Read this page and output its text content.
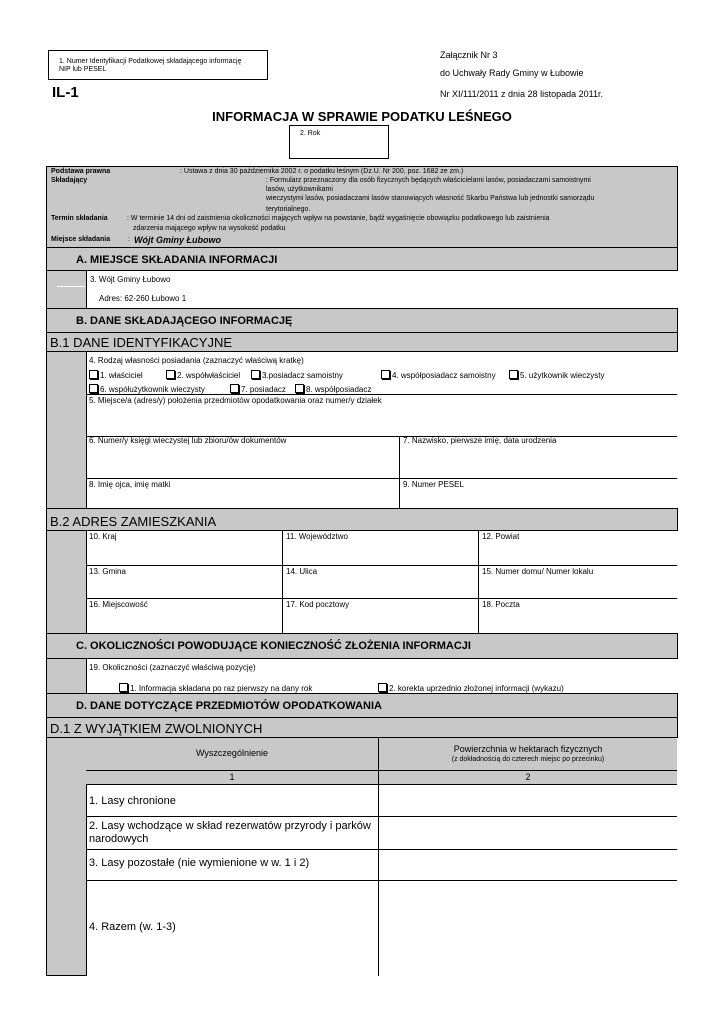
1. Numer Identyfikacji Podatkowej składającego informację
NIP lub PESEL
IL-1
Załącznik Nr 3
do Uchwały Rady Gminy w Łubowie
Nr XI/111/2011 z dnia 28 listopada 2011r.
INFORMACJA W SPRAWIE PODATKU LEŚNEGO
2. Rok
Podstawa prawna	: Ustawa z dnia 30 października 2002 r. o podatku leśnym (Dz.U. Nr 200, poz. 1682 ze zm.)
Składający	: Formularz przeznaczony dla osób fizycznych będących właścicielami lasów, posiadaczami samoistnymi
lasów, użytkownikami
wieczystymi lasów, posiadaczami lasów stanowiących własność Skarbu Państwa lub jednostki samorządu
terytorialnego.
Termin składania	: W terminie 14 dni od zaistnienia okoliczności mających wpływ na powstanie, bądź wygaśnięcie obowiązku podatkowego lub zaistnienia
zdarzenia mającego wpływ na wysokość podatku
Miejsce składania	: Wójt Gminy Łubowo
A. MIEJSCE SKŁADANIA INFORMACJI
3. Wójt Gminy Łubowo
Adres: 62-260 Łubowo 1
B. DANE SKŁADAJĄCEGO INFORMACJĘ
B.1 DANE IDENTYFIKACYJNE
4. Rodzaj własności posiadania (zaznaczyć właściwą kratkę)
1. właściciel	2. współwłaściciel	3.posiadacz samoistny	4. współposiadacz samoistny	5. użytkownik wieczysty
6. współużytkownik wieczysty	7. posiadacz	8. współposiadacz
5. Miejsce/a (adres/y) położenia przedmiotów opodatkowania oraz numer/y działek
6. Numer/y księgi wieczystej lub zbioru/ów dokumentów	7. Nazwisko, pierwsze imię, data urodzenia
8. Imię ojca, imię matki	9. Numer PESEL
B.2 ADRES ZAMIESZKANIA
10. Kraj	11. Województwo	12. Powiat
13. Gmina	14. Ulica	15. Numer domu/ Numer lokalu
16. Miejscowość	17. Kod pocztowy	18. Poczta
C. OKOLICZNOŚCI POWODUJĄCE KONIECZNOŚĆ ZŁOŻENIA INFORMACJI
19. Okoliczności (zaznaczyć właściwą pozycję)
1. Informacja składana po raz pierwszy na dany rok	2. korekta uprzednio złożonej informacji (wykazu)
D. DANE DOTYCZĄCE PRZEDMIOTÓW OPODATKOWANIA
D.1 Z WYJĄTKIEM ZWOLNIONYCH
Wyszczególnienie	Powierzchnia w hektarach fizycznych
(z dokładnością do czterech miejsc po przecinku)
1	2
1. Lasy chronione
2. Lasy wchodzące w skład rezerwatów przyrody i parków
narodowych
3. Lasy pozostałe (nie wymienione w w. 1 i 2)
4. Razem (w. 1-3)
